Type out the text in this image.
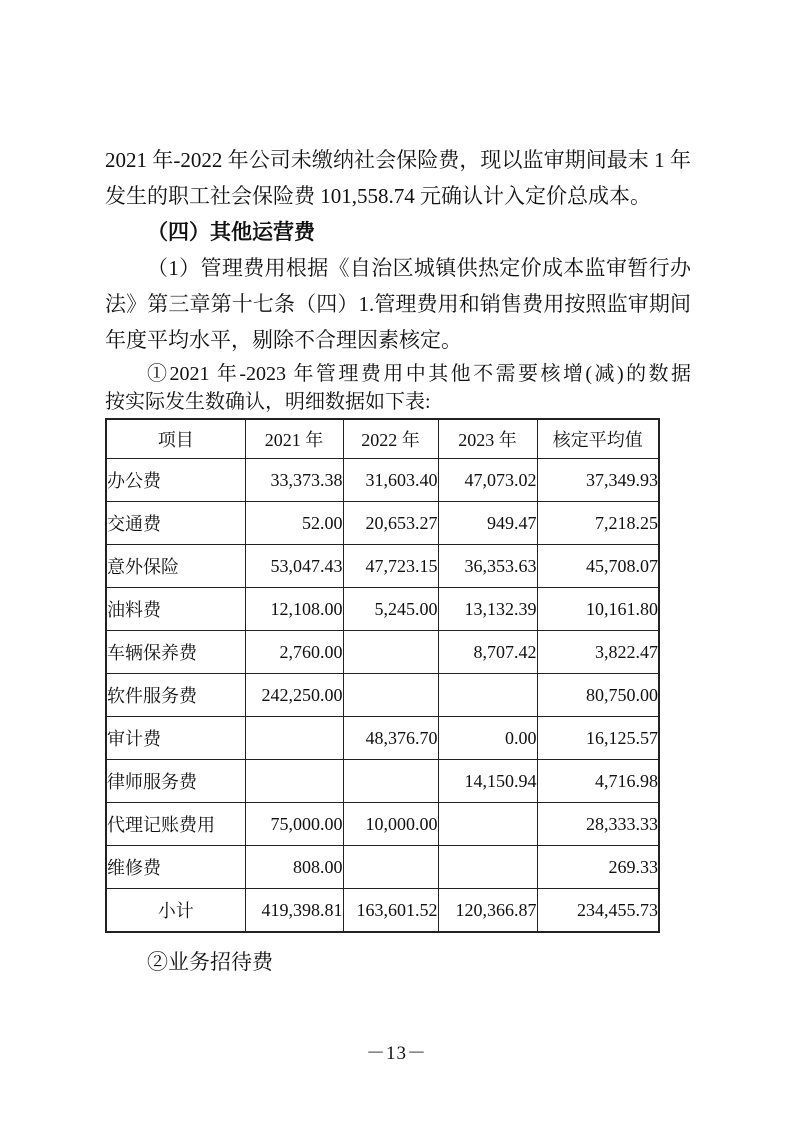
2021 年-2022 年公司未缴纳社会保险费，现以监审期间最末 1 年
发生的职工社会保险费 101,558.74 元确认计入定价总成本。
（四）其他运营费
（1）管理费用根据《自治区城镇供热定价成本监审暂行办
法》第三章第十七条（四）1.管理费用和销售费用按照监审期间
年度平均水平，剔除不合理因素核定。
①2021 年-2023 年管理费用中其他不需要核增(减)的数据
按实际发生数确认，明细数据如下表:
项目	2021 年	2022 年	2023 年	核定平均值
办公费	33,373.38	31,603.40	47,073.02	37,349.93
交通费	52.00	20,653.27	949.47	7,218.25
意外保险	53,047.43	47,723.15	36,353.63	45,708.07
油料费	12,108.00	5,245.00	13,132.39	10,161.80
车辆保养费	2,760.00		8,707.42	3,822.47
软件服务费	242,250.00			80,750.00
审计费		48,376.70	0.00	16,125.57
律师服务费			14,150.94	4,716.98
代理记账费用	75,000.00	10,000.00		28,333.33
维修费	808.00			269.33
小计	419,398.81	163,601.52	120,366.87	234,455.73
②业务招待费
－13－
